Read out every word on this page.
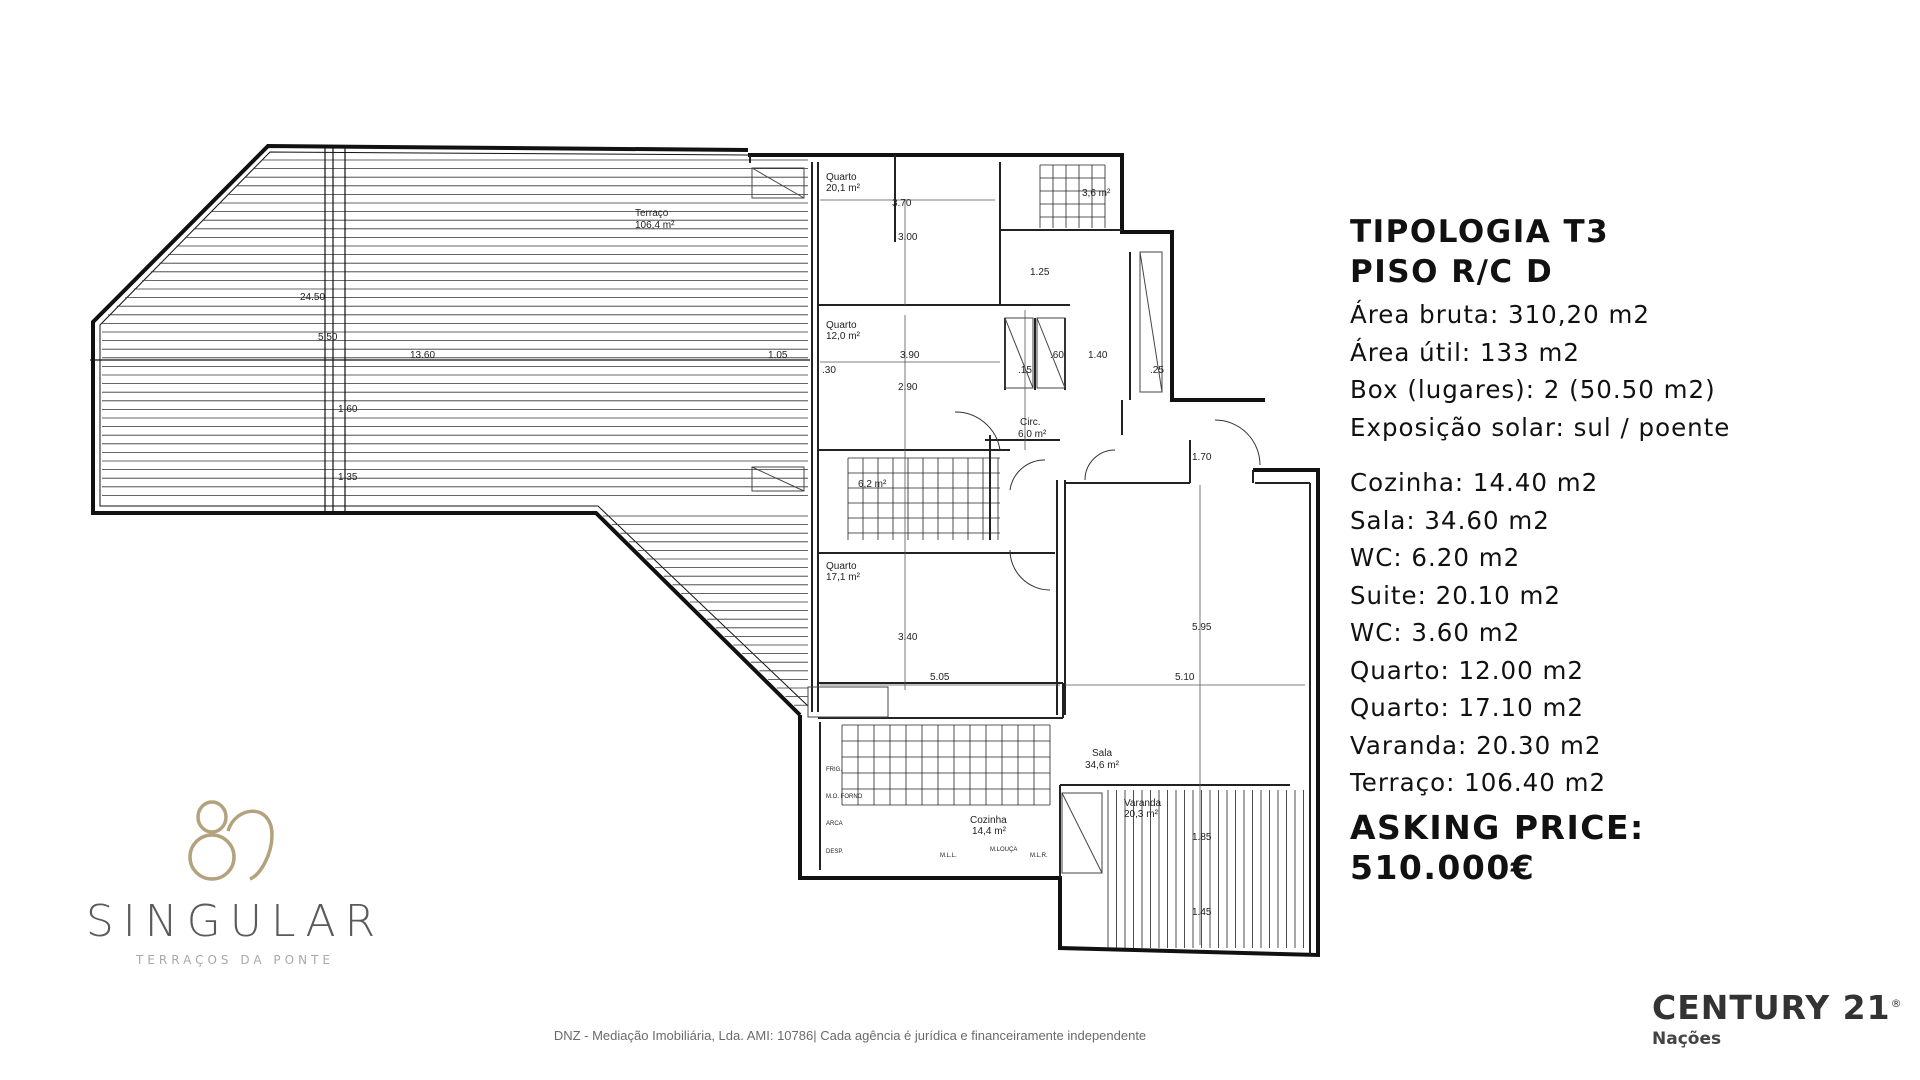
Terraço
106,4 m²
Quarto
20,1 m²
Quarto
12,0 m²
Quarto
17,1 m²
Circ.
6,0 m²
6,2 m²
3,6 m²
Sala
34,6 m²
Cozinha
14,4 m²
Varanda
20,3 m²
FRIG.
M.O. FORNO
ARCA
DESP.
M.L.L.
M.LOUÇA
M.L.R.
13.60	1.05
3.70
3.00
1.25
3.90
2.90
5.05
3.40
5.10
5.95
1.85
1.45
1.70
1.40
.60
.15	.25
.30
1.60
1.35
5.50
24.50
TIPOLOGIA T3
PISO R/C D
Área bruta: 310,20 m2
Área útil: 133 m2
Box (lugares): 2 (50.50 m2)
Exposição solar: sul / poente
Cozinha: 14.40 m2
Sala: 34.60 m2
WC: 6.20 m2
Suite: 20.10 m2
WC: 3.60 m2
Quarto: 12.00 m2
Quarto: 17.10 m2
Varanda: 20.30 m2
Terraço: 106.40 m2
ASKING PRICE:
510.000€
SINGULAR
TERRAÇOS DA PONTE
CENTURY 21®
Nações
DNZ - Mediação Imobiliária, Lda. AMI: 10786| Cada agência é jurídica e financeiramente independente
